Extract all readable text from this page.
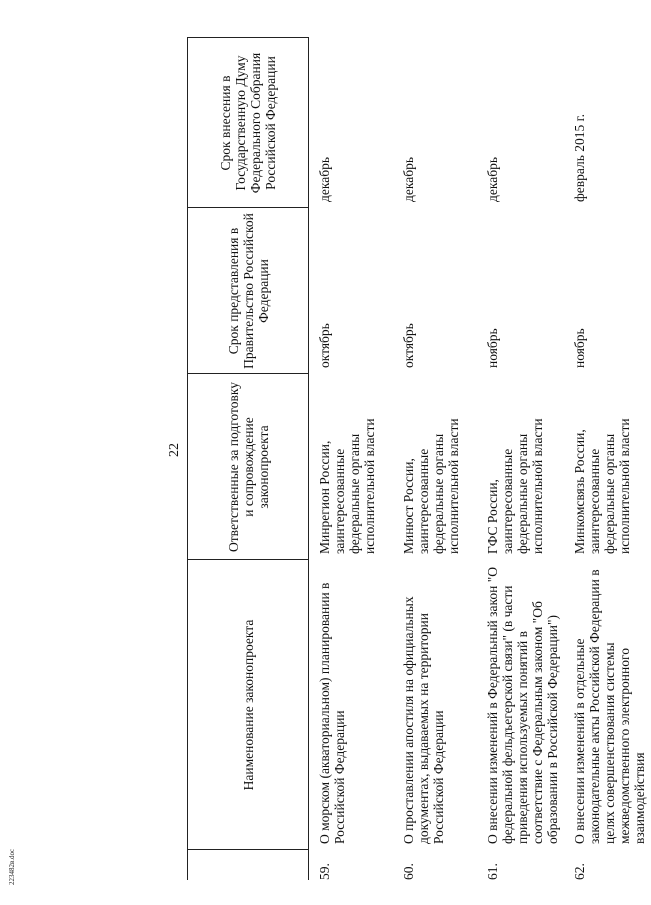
22
	Наименование законопроекта	Ответственные за подготовку и сопровождение законопроекта	Срок представления в Правительство Российской Федерации	Срок внесения в Государственную Думу Федерального Собрания Российской Федерации
59.	О морском (акваториальном) планировании в Российской Федерации	Минрегион России, заинтересованные федеральные органы исполнительной власти	октябрь	декабрь
60.	О проставлении апостиля на официальных документах, выдаваемых на территории Российской Федерации	Минюст России, заинтересованные федеральные органы исполнительной власти	октябрь	декабрь
61.	О внесении изменений в Федеральный закон "О федеральной фельдъегерской связи" (в части приведения используемых понятий в соответствие с Федеральным законом "Об образовании в Российской Федерации")	ГФС России, заинтересованные федеральные органы исполнительной власти	ноябрь	декабрь
62.	О внесении изменений в отдельные законодательные акты Российской Федерации в целях совершенствования системы межведомственного электронного взаимодействия	Минкомсвязь России, заинтересованные федеральные органы исполнительной власти	ноябрь	февраль 2015 г.
223482в.doc
